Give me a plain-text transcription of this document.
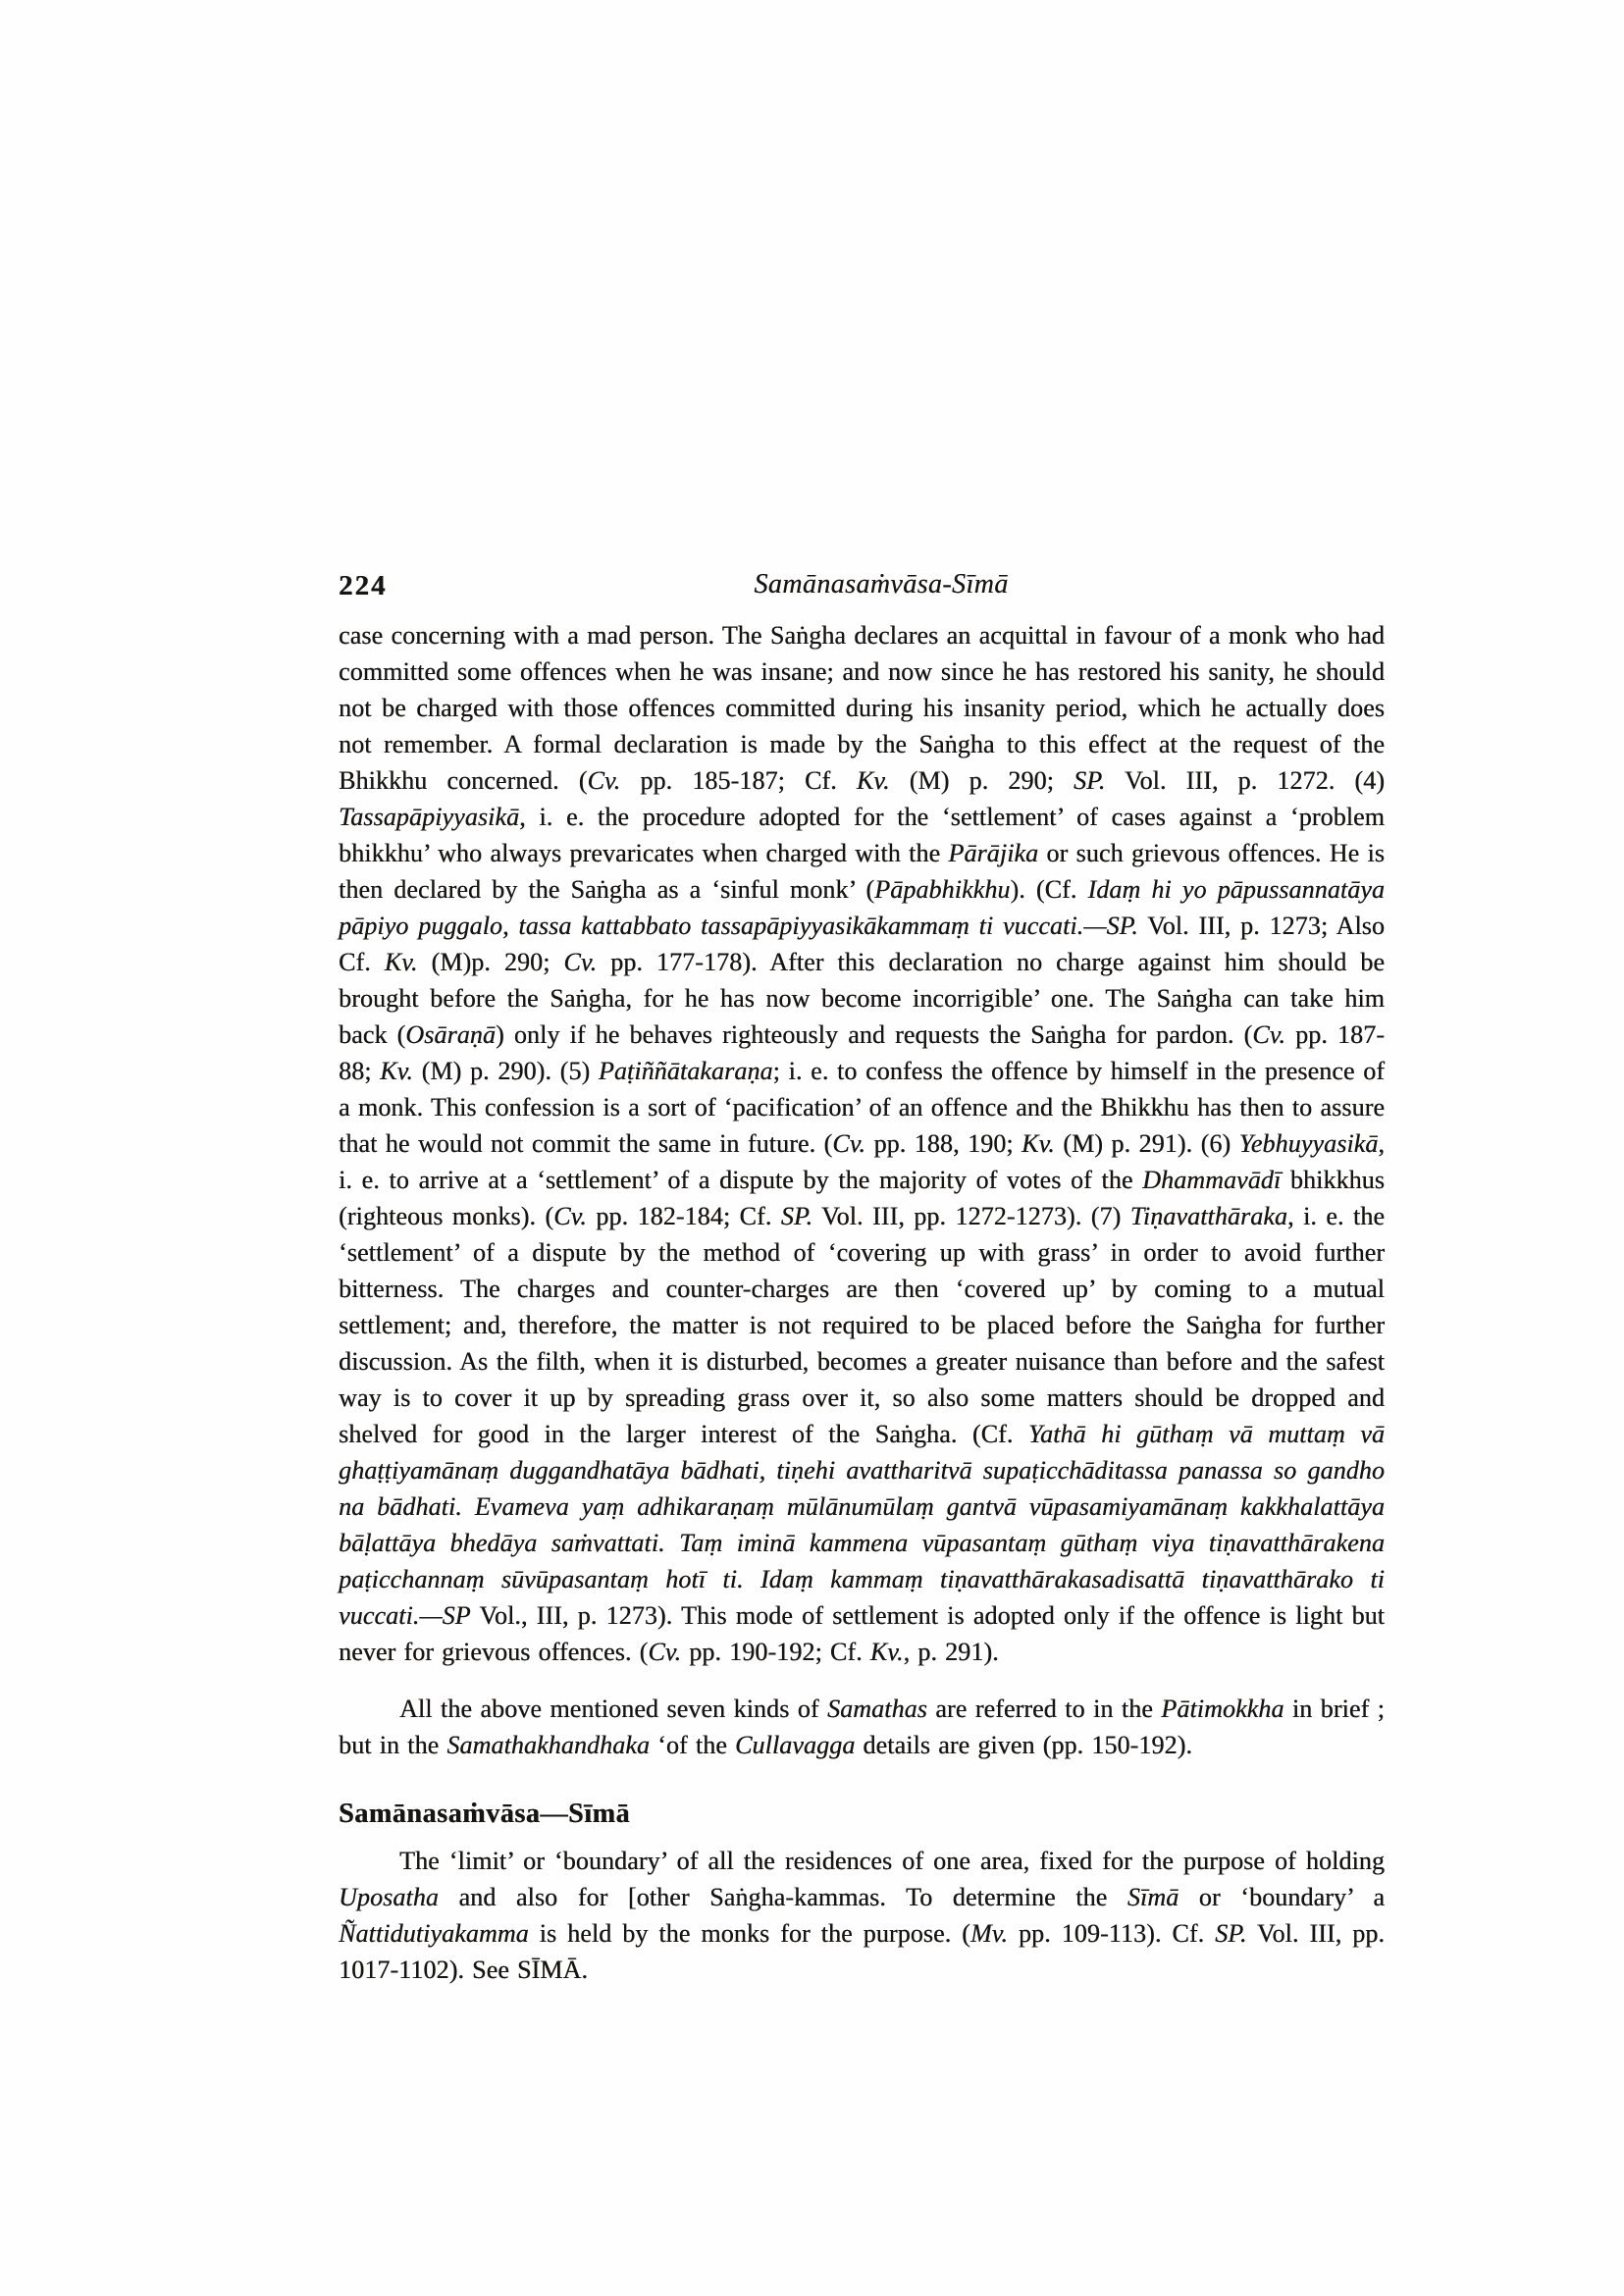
224	Samānasaṁvāsa-Sīmā

case concerning with a mad person. The Saṅgha declares an acquittal in favour of a monk who had committed some offences when he was insane; and now since he has restored his sanity, he should not be charged with those offences committed during his insanity period, which he actually does not remember. A formal declaration is made by the Saṅgha to this effect at the request of the Bhikkhu concerned. (Cv. pp. 185-187; Cf. Kv. (M) p. 290; SP. Vol. III, p. 1272. (4) Tassapāpiyyasikā, i. e. the procedure adopted for the ‘settlement’ of cases against a ‘problem bhikkhu’ who always prevaricates when charged with the Pārājika or such grievous offences. He is then declared by the Saṅgha as a ‘sinful monk’ (Pāpabhikkhu). (Cf. Idaṃ hi yo pāpussannatāya pāpiyo puggalo, tassa kattabbato tassapāpiyyasikākammaṃ ti vuccati.—SP. Vol. III, p. 1273; Also Cf. Kv. (M)p. 290; Cv. pp. 177-178). After this declaration no charge against him should be brought before the Saṅgha, for he has now become incorrigible’ one. The Saṅgha can take him back (Osāraṇā) only if he behaves righteously and requests the Saṅgha for pardon. (Cv. pp. 187-88; Kv. (M) p. 290). (5) Paṭiññātakaraṇa; i. e. to confess the offence by himself in the presence of a monk. This confession is a sort of ‘pacification’ of an offence and the Bhikkhu has then to assure that he would not commit the same in future. (Cv. pp. 188, 190; Kv. (M) p. 291). (6) Yebhuyyasikā, i. e. to arrive at a ‘settlement’ of a dispute by the majority of votes of the Dhammavādī bhikkhus (righteous monks). (Cv. pp. 182-184; Cf. SP. Vol. III, pp. 1272-1273). (7) Tiṇavatthāraka, i. e. the ‘settlement’ of a dispute by the method of ‘covering up with grass’ in order to avoid further bitterness. The charges and counter-charges are then ‘covered up’ by coming to a mutual settlement; and, therefore, the matter is not required to be placed before the Saṅgha for further discussion. As the filth, when it is disturbed, becomes a greater nuisance than before and the safest way is to cover it up by spreading grass over it, so also some matters should be dropped and shelved for good in the larger interest of the Saṅgha. (Cf. Yathā hi gūthaṃ vā muttaṃ vā ghaṭṭiyamānaṃ duggandhatāya bādhati, tiṇehi avattharitvā supaṭicchāditassa panassa so gandho na bādhati. Evameva yaṃ adhikaraṇaṃ mūlānumūlaṃ gantvā vūpasamiyamānaṃ kakkhalattāya bāḷattāya bhedāya saṁvattati. Taṃ iminā kammena vūpasantaṃ gūthaṃ viya tiṇavatthārakena paṭicchannaṃ sūvūpasantaṃ hotī ti. Idaṃ kammaṃ tiṇavatthārakasadisattā tiṇavatthārako ti vuccati.—SP Vol., III, p. 1273). This mode of settlement is adopted only if the offence is light but never for grievous offences. (Cv. pp. 190-192; Cf. Kv., p. 291).

All the above mentioned seven kinds of Samathas are referred to in the Pātimokkha in brief ; but in the Samathakhandhaka ‘of the Cullavagga details are given (pp. 150-192).

Samānasaṁvāsa—Sīmā

The ‘limit’ or ‘boundary’ of all the residences of one area, fixed for the purpose of holding Uposatha and also for [other Saṅgha-kammas. To determine the Sīmā or ‘boundary’ a Ñattidutiyakamma is held by the monks for the purpose. (Mv. pp. 109-113). Cf. SP. Vol. III, pp. 1017-1102). See SĪMĀ.
